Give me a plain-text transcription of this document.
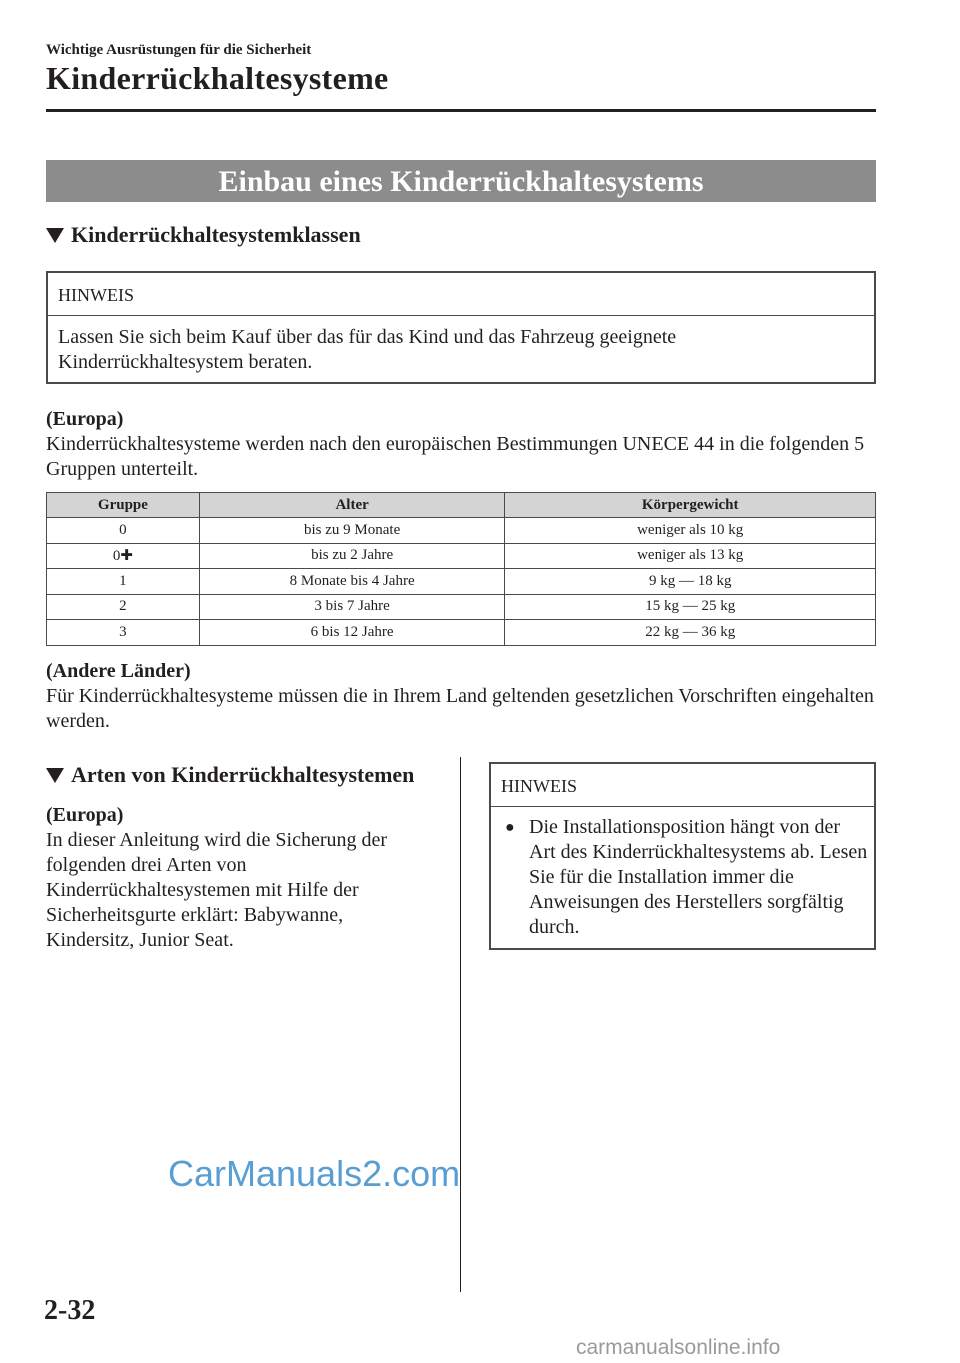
Wichtige Ausrüstungen für die Sicherheit
Kinderrückhaltesysteme
Einbau eines Kinderrückhaltesystems
Kinderrückhaltesystemklassen
HINWEIS
Lassen Sie sich beim Kauf über das für das Kind und das Fahrzeug geeignete Kinderrückhaltesystem beraten.
(Europa)
Kinderrückhaltesysteme werden nach den europäischen Bestimmungen UNECE 44 in die folgenden 5 Gruppen unterteilt.
Gruppe	Alter	Körpergewicht
0	bis zu 9 Monate	weniger als 10 kg
0✚	bis zu 2 Jahre	weniger als 13 kg
1	8 Monate bis 4 Jahre	9 kg — 18 kg
2	3 bis 7 Jahre	15 kg — 25 kg
3	6 bis 12 Jahre	22 kg — 36 kg
(Andere Länder)
Für Kinderrückhaltesysteme müssen die in Ihrem Land geltenden gesetzlichen Vorschriften eingehalten werden.
Arten von Kinderrückhaltesystemen
(Europa)
In dieser Anleitung wird die Sicherung der folgenden drei Arten von Kinderrückhaltesystemen mit Hilfe der Sicherheitsgurte erklärt: Babywanne, Kindersitz, Junior Seat.
HINWEIS
● Die Installationsposition hängt von der Art des Kinderrückhaltesystems ab. Lesen Sie für die Installation immer die Anweisungen des Herstellers sorgfältig durch.
CarManuals2.com
2-32
carmanualsonline.info
